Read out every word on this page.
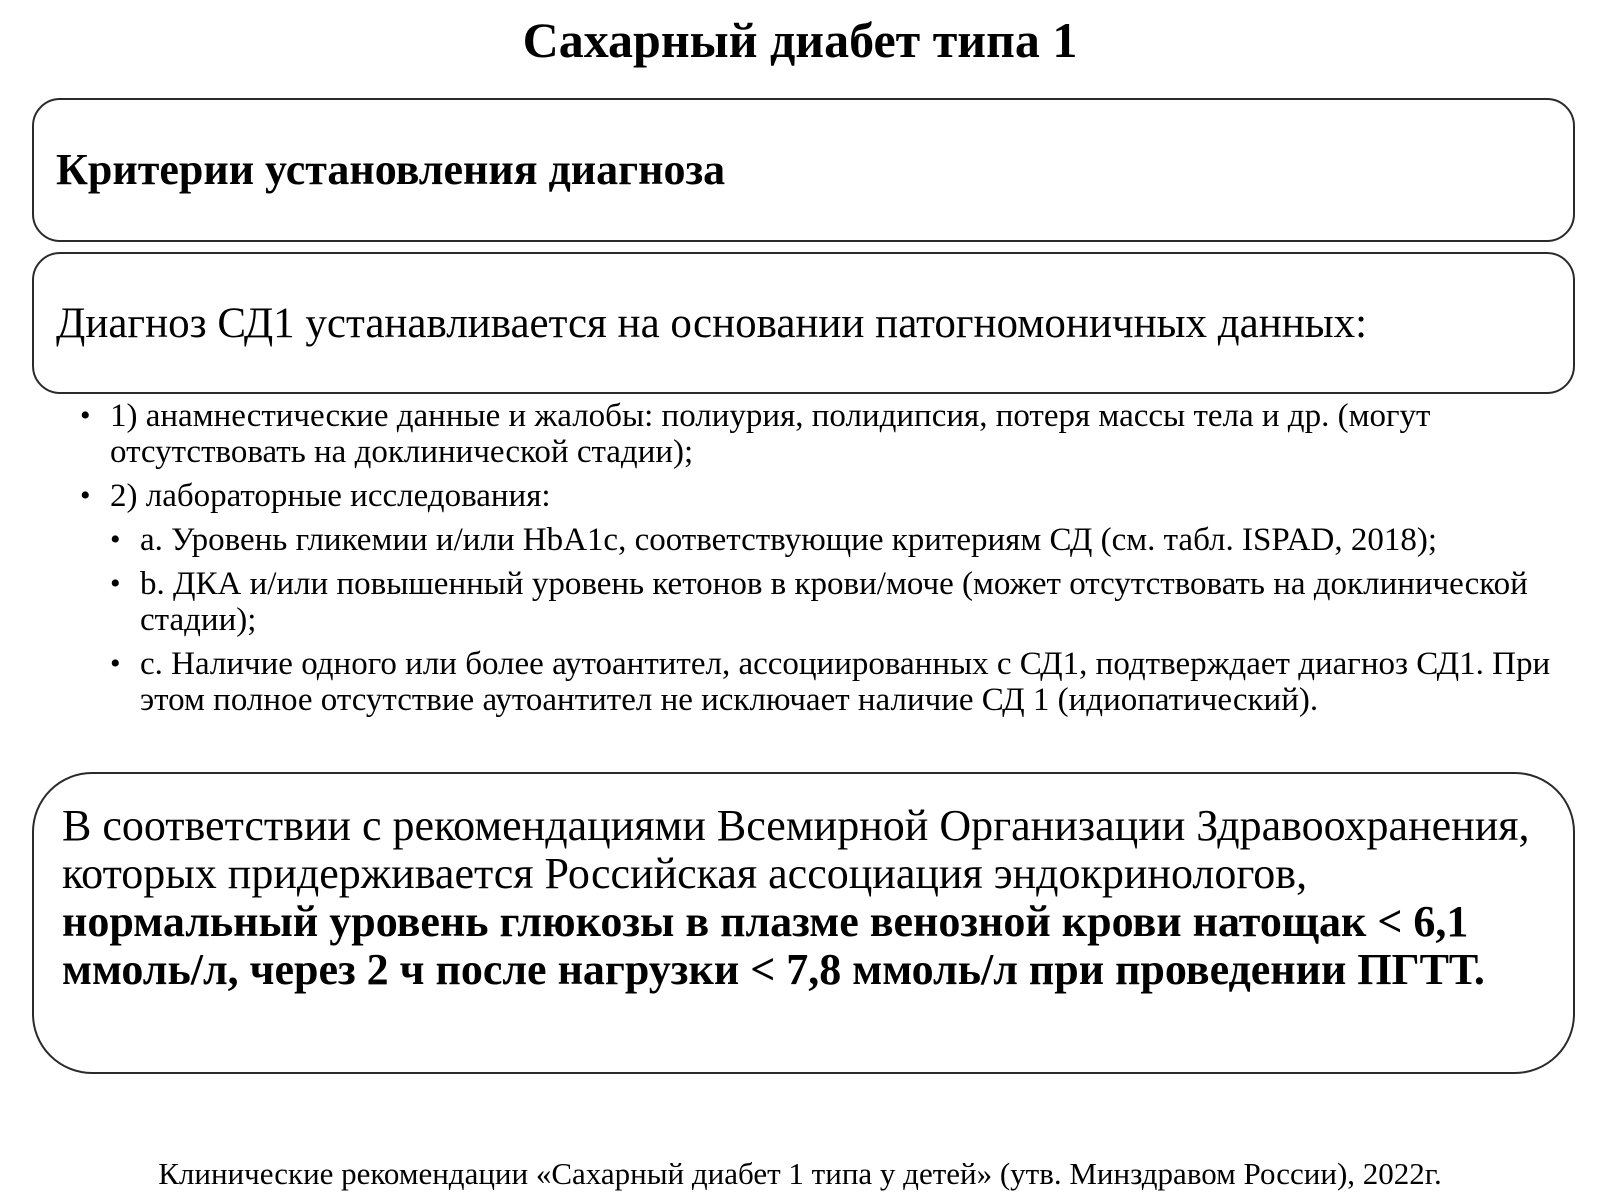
Сахарный диабет типа 1
Критерии установления диагноза
Диагноз СД1 устанавливается на основании патогномоничных данных:
• 1) анамнестические данные и жалобы: полиурия, полидипсия, потеря массы тела и др. (могут отсутствовать на доклинической стадии);
• 2) лабораторные исследования:
• a. Уровень гликемии и/или HbA1c, соответствующие критериям СД (см. табл. ISPAD, 2018);
• b. ДКА и/или повышенный уровень кетонов в крови/моче (может отсутствовать на доклинической стадии);
• c. Наличие одного или более аутоантител, ассоциированных с СД1, подтверждает диагноз СД1. При этом полное отсутствие аутоантител не исключает наличие СД 1 (идиопатический).
В соответствии с рекомендациями Всемирной Организации Здравоохранения, которых придерживается Российская ассоциация эндокринологов, нормальный уровень глюкозы в плазме венозной крови натощак < 6,1 ммоль/л, через 2 ч после нагрузки < 7,8 ммоль/л при проведении ПГТТ.
Клинические рекомендации «Сахарный диабет 1 типа у детей» (утв. Минздравом России), 2022г.
